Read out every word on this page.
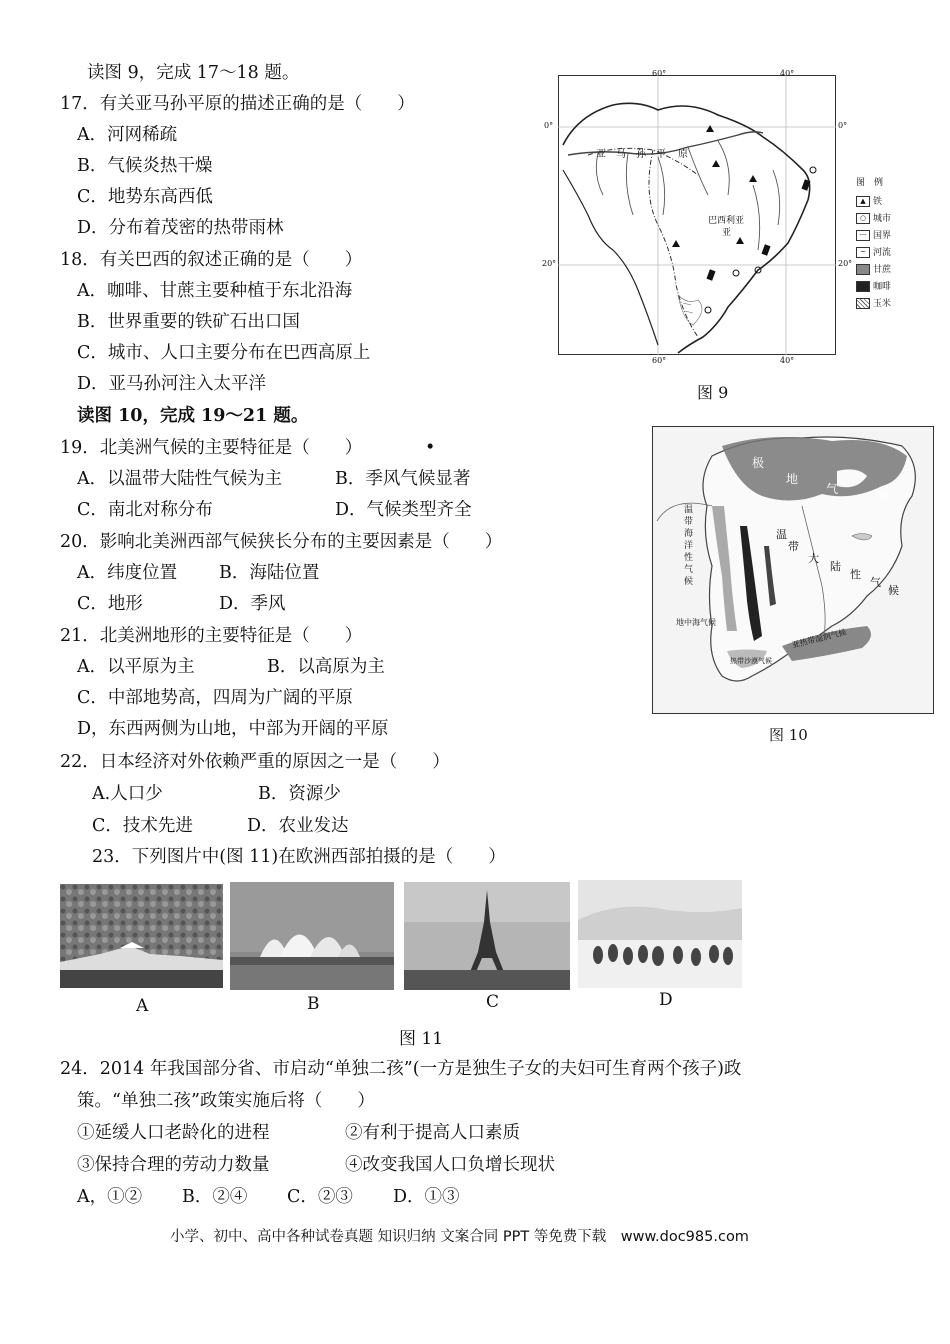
读图 9，完成 17～18 题。
17．有关亚马孙平原的描述正确的是（　　）
A．河网稀疏
B．气候炎热干燥
C．地势东高西低
D．分布着茂密的热带雨林
18．有关巴西的叙述正确的是（　　）
A．咖啡、甘蔗主要种植于东北沿海
B．世界重要的铁矿石出口国
C．城市、人口主要分布在巴西高原上
D．亚马孙河注入太平洋
读图 10，完成 19～21 题。
19．北美洲气候的主要特征是（　　）	•
A．以温带大陆性气候为主	B．季风气候显著
C．南北对称分布	D．气候类型齐全
20．影响北美洲西部气候狭长分布的主要因素是（　　）
A．纬度位置 B．海陆位置
C．地形	D．季风
21．北美洲地形的主要特征是（　　）
A．以平原为主	B．以高原为主
C．中部地势高，四周为广阔的平原
D，东西两侧为山地，中部为开阔的平原
22．日本经济对外依赖严重的原因之一是（　　）
A.人口少	B．资源少
C．技术先进	D．农业发达
23．下列图片中(图 11)在欧洲西部拍摄的是（　　）
A	B	C	D
图 11
24．2014 年我国部分省、市启动“单独二孩”(一方是独生子女的夫妇可生育两个孩子)政
策。“单独二孩”政策实施后将（　　）
①延缓人口老龄化的进程	②有利于提高人口素质
③保持合理的劳动力数量	④改变我国人口负增长现状
A，①② B．②④ C．②③ D．①③
小学、初中、高中各种试卷真题 知识归纳 文案合同 PPT 等免费下载　www.doc985.com
60°	40°
60°	40°
0°
20°
0°
20°
亚 马 孙 平 原
巴西利亚
亚
图　例
▲ 铁
○ 城市
-·- 国界
~ 河流
甘蔗
咖啡
玉米
图 9
极
地
气	候
温带海洋性气候
温
带
大
陆
性
气
候
高山
地中海气候
热带沙漠气候
亚热带湿润气候
图 10
